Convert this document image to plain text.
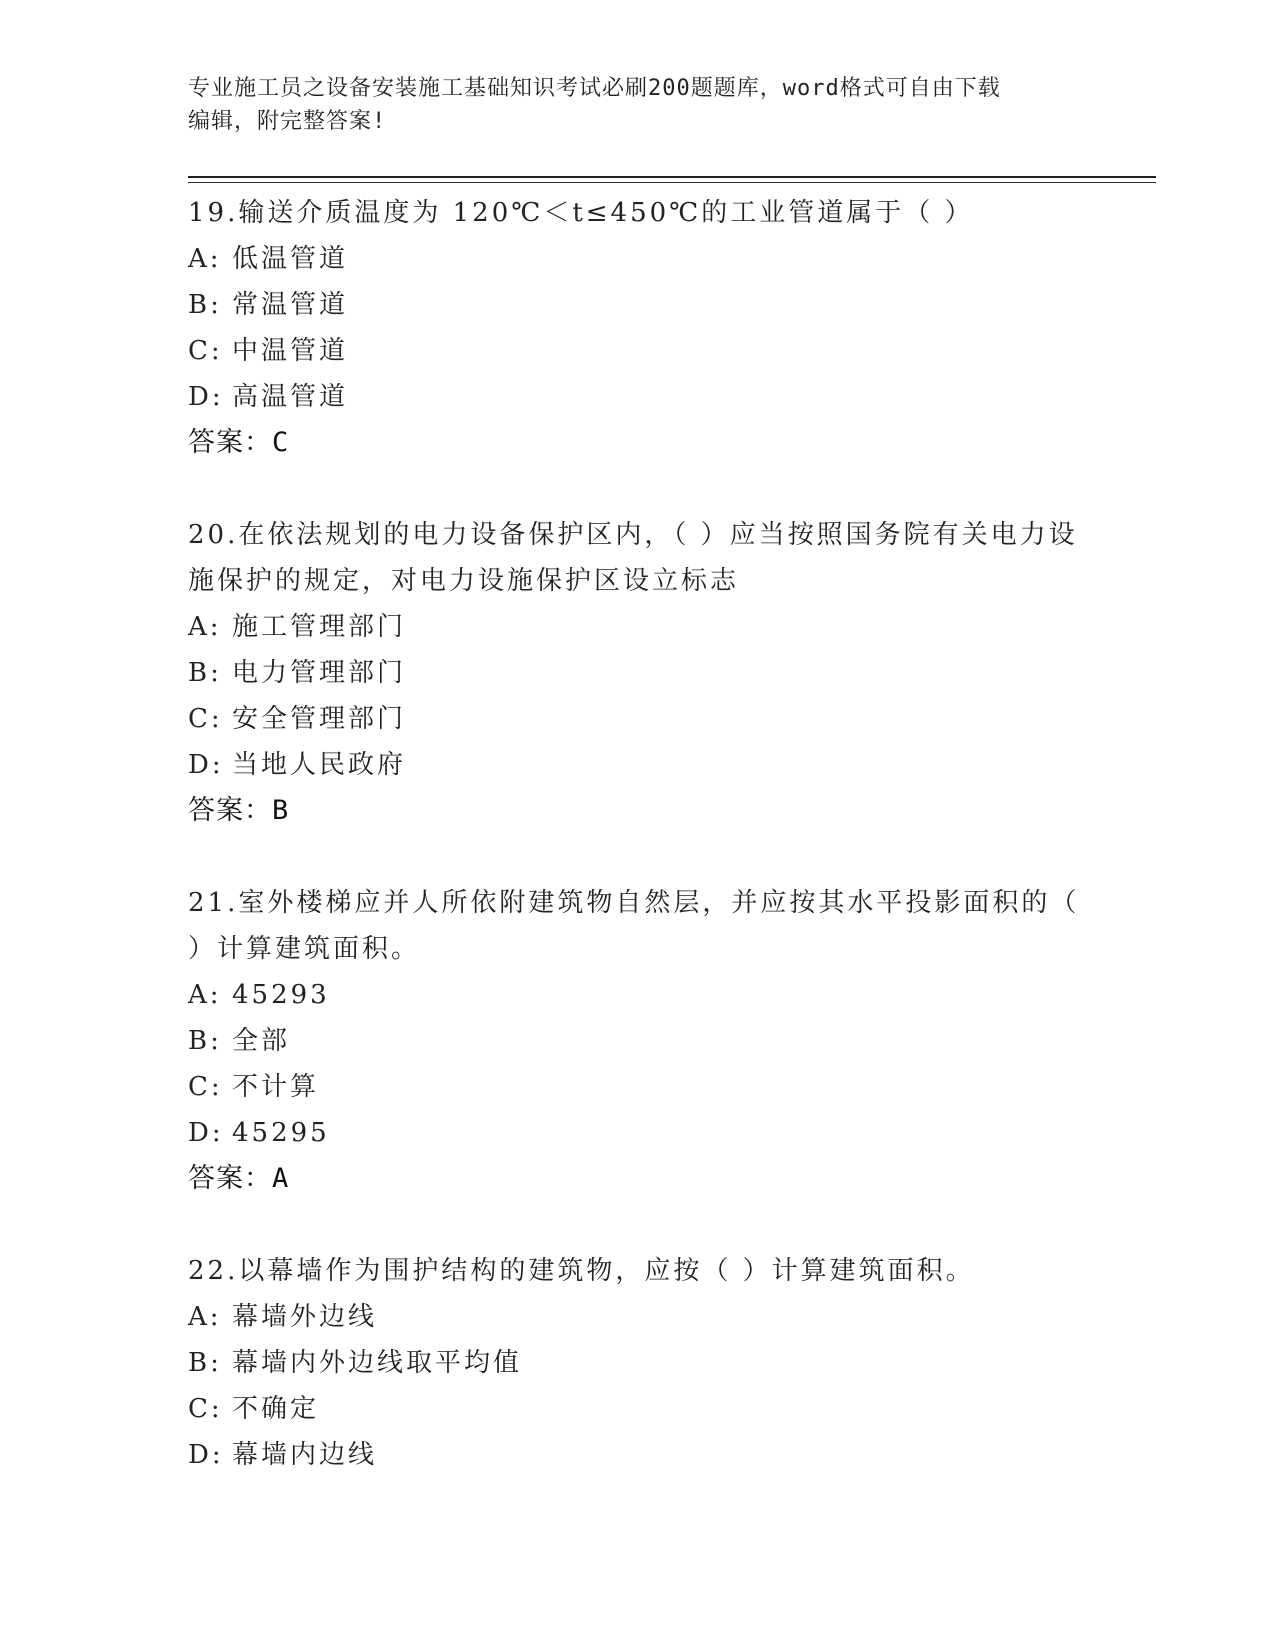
专业施工员之设备安装施工基础知识考试必刷200题题库，word格式可自由下载
编辑，附完整答案!
19.输送介质温度为 120℃＜t≤450℃的工业管道属于（ ）
A: 低温管道
B: 常温管道
C: 中温管道
D: 高温管道
答案：C
20.在依法规划的电力设备保护区内，（ ）应当按照国务院有关电力设施保护的规定，对电力设施保护区设立标志
A: 施工管理部门
B: 电力管理部门
C: 安全管理部门
D: 当地人民政府
答案：B
21.室外楼梯应并人所依附建筑物自然层，并应按其水平投影面积的（ ）计算建筑面积。
A: 45293
B: 全部
C: 不计算
D: 45295
答案：A
22.以幕墙作为围护结构的建筑物，应按（ ）计算建筑面积。
A: 幕墙外边线
B: 幕墙内外边线取平均值
C: 不确定
D: 幕墙内边线
